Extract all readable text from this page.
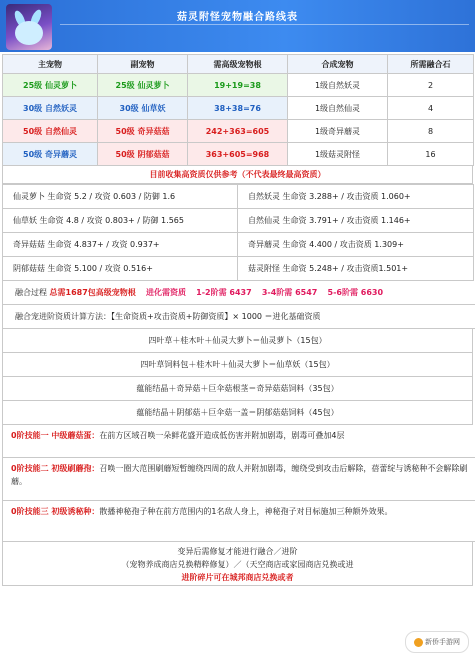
菇灵附怪宠物融合路线表
主宠物	副宠物	需高级宠物根	合成宠物	所需融合石
25级 仙灵萝卜	25级 仙灵萝卜	19+19=38	1级自然妖灵	2
30级 自然妖灵	30级 仙草妖	38+38=76	1级自然仙灵	4
50级 自然仙灵	50级 奇异菇菇	242+363=605	1级奇异蘑灵	8
50级 奇异蘑灵	50级 阴郁菇菇	363+605=968	1级菇灵附怪	16
目前收集高资质仅供参考（不代表最终最高资质）
仙灵萝卜 生命资 5.2 / 攻资 0.603 / 防御 1.6	自然妖灵 生命资 3.288+ / 攻击资质 1.060+
仙草妖 生命资 4.8 / 攻资 0.803+ / 防御 1.565	自然仙灵 生命资 3.791+ / 攻击资质 1.146+
奇异菇菇 生命资 4.837+ / 攻资 0.937+	奇异蘑灵 生命资 4.400 / 攻击资质 1.309+
阴郁菇菇 生命资 5.100 / 攻资 0.516+	菇灵附怪 生命资 5.248+ / 攻击资质1.501+
融合过程 总需1687包高级宠物根 进化需资质 1-2阶需 6437 3-4阶需 6547 5-6阶需 6630
融合宠进阶资质计算方法：【生命资质+攻击资质+防御资质】× 1000 ＝进化基础资质
四叶草＋桂木叶＋仙灵大萝卜＝仙灵萝卜（15包）
四叶草饲料包＋桂木叶＋仙灵大萝卜＝仙草妖（15包）
蕴能结晶＋奇异菇＋巨伞菇根茎＝奇异菇菇饲料（35包）
蕴能结晶＋阴郁菇＋巨伞菇一盖＝阴郁菇菇饲料（45包）
0阶技能一 中级蘑菇蛋：在前方区域召唤一朵鲜花盛开造成低伤害并附加剧毒，剧毒可叠加4层
0阶技能二 初级刷蘑孢：召唤一圈大范围刷蘑短暂缠绕四周的敌人并附加剧毒，缠绕受到攻击后解除，蓓蕾绽与诱秘种不会解除刷蘑。
0阶技能三 初级诱秘种：散播神秘孢子种在前方范围内的1名敌人身上，神秘孢子对目标施加三种额外效果。
变异后需修复才能进行融合／进阶
（宠物养成商店兑换精粹修复）／（天空商店或家园商店兑换或进
进阶碎片可在城邦商店兑换或者
新侨手游网
